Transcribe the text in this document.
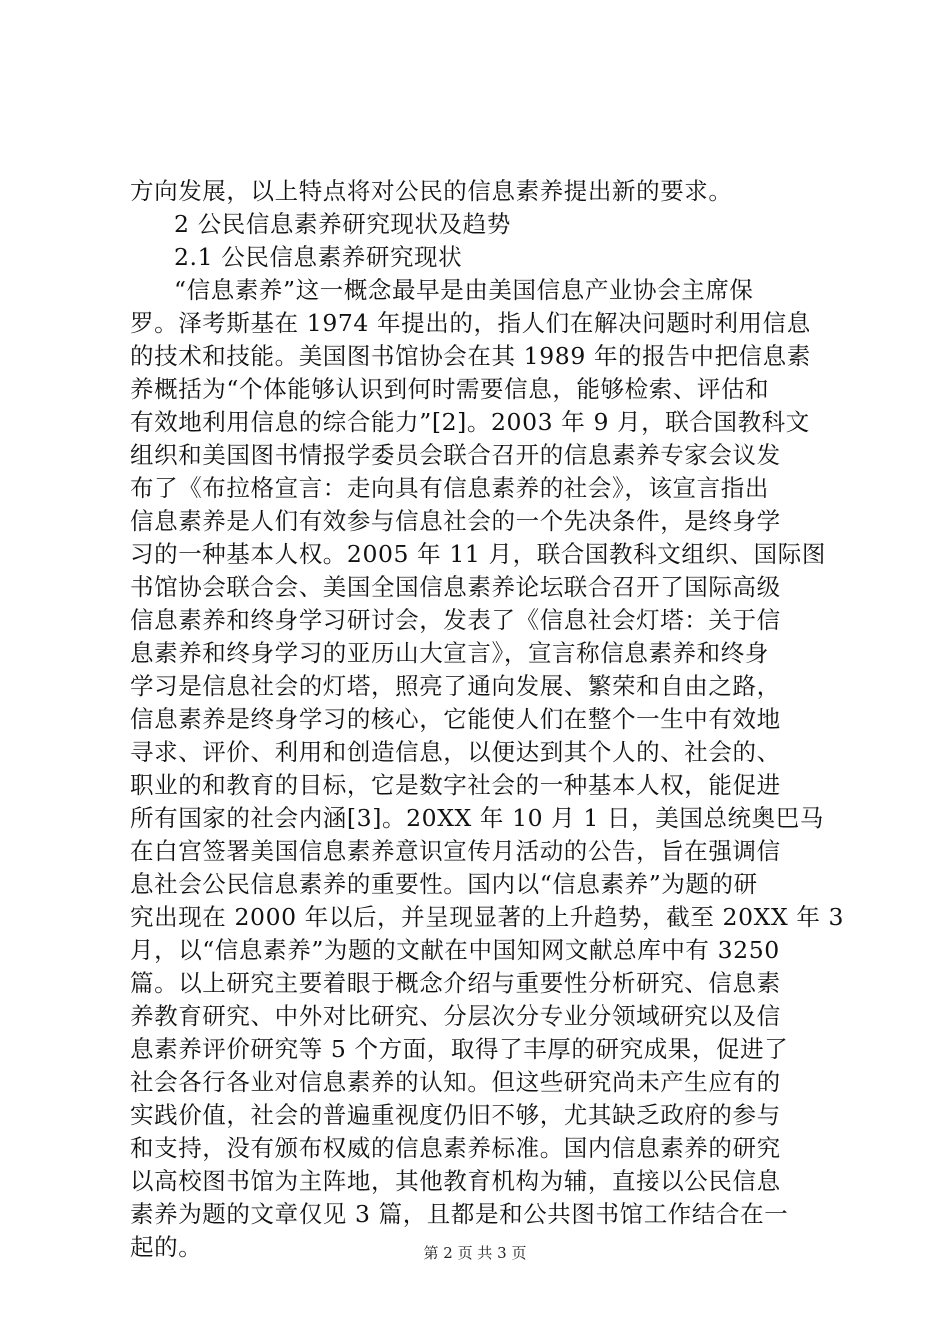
方向发展，以上特点将对公民的信息素养提出新的要求。
2 公民信息素养研究现状及趋势
2.1 公民信息素养研究现状
“信息素养”这一概念最早是由美国信息产业协会主席保
罗。泽考斯基在 1974 年提出的，指人们在解决问题时利用信息
的技术和技能。美国图书馆协会在其 1989 年的报告中把信息素
养概括为“个体能够认识到何时需要信息，能够检索、评估和
有效地利用信息的综合能力”[2]。2003 年 9 月，联合国教科文
组织和美国图书情报学委员会联合召开的信息素养专家会议发
布了《布拉格宣言：走向具有信息素养的社会》，该宣言指出
信息素养是人们有效参与信息社会的一个先决条件，是终身学
习的一种基本人权。2005 年 11 月，联合国教科文组织、国际图
书馆协会联合会、美国全国信息素养论坛联合召开了国际高级
信息素养和终身学习研讨会，发表了《信息社会灯塔：关于信
息素养和终身学习的亚历山大宣言》，宣言称信息素养和终身
学习是信息社会的灯塔，照亮了通向发展、繁荣和自由之路，
信息素养是终身学习的核心，它能使人们在整个一生中有效地
寻求、评价、利用和创造信息，以便达到其个人的、社会的、
职业的和教育的目标，它是数字社会的一种基本人权，能促进
所有国家的社会内涵[3]。20XX 年 10 月 1 日，美国总统奥巴马
在白宫签署美国信息素养意识宣传月活动的公告，旨在强调信
息社会公民信息素养的重要性。国内以“信息素养”为题的研
究出现在 2000 年以后，并呈现显著的上升趋势，截至 20XX 年 3
月，以“信息素养”为题的文献在中国知网文献总库中有 3250
篇。以上研究主要着眼于概念介绍与重要性分析研究、信息素
养教育研究、中外对比研究、分层次分专业分领域研究以及信
息素养评价研究等 5 个方面，取得了丰厚的研究成果，促进了
社会各行各业对信息素养的认知。但这些研究尚未产生应有的
实践价值，社会的普遍重视度仍旧不够，尤其缺乏政府的参与
和支持，没有颁布权威的信息素养标准。国内信息素养的研究
以高校图书馆为主阵地，其他教育机构为辅，直接以公民信息
素养为题的文章仅见 3 篇，且都是和公共图书馆工作结合在一
起的。	第 2 页 共 3 页
